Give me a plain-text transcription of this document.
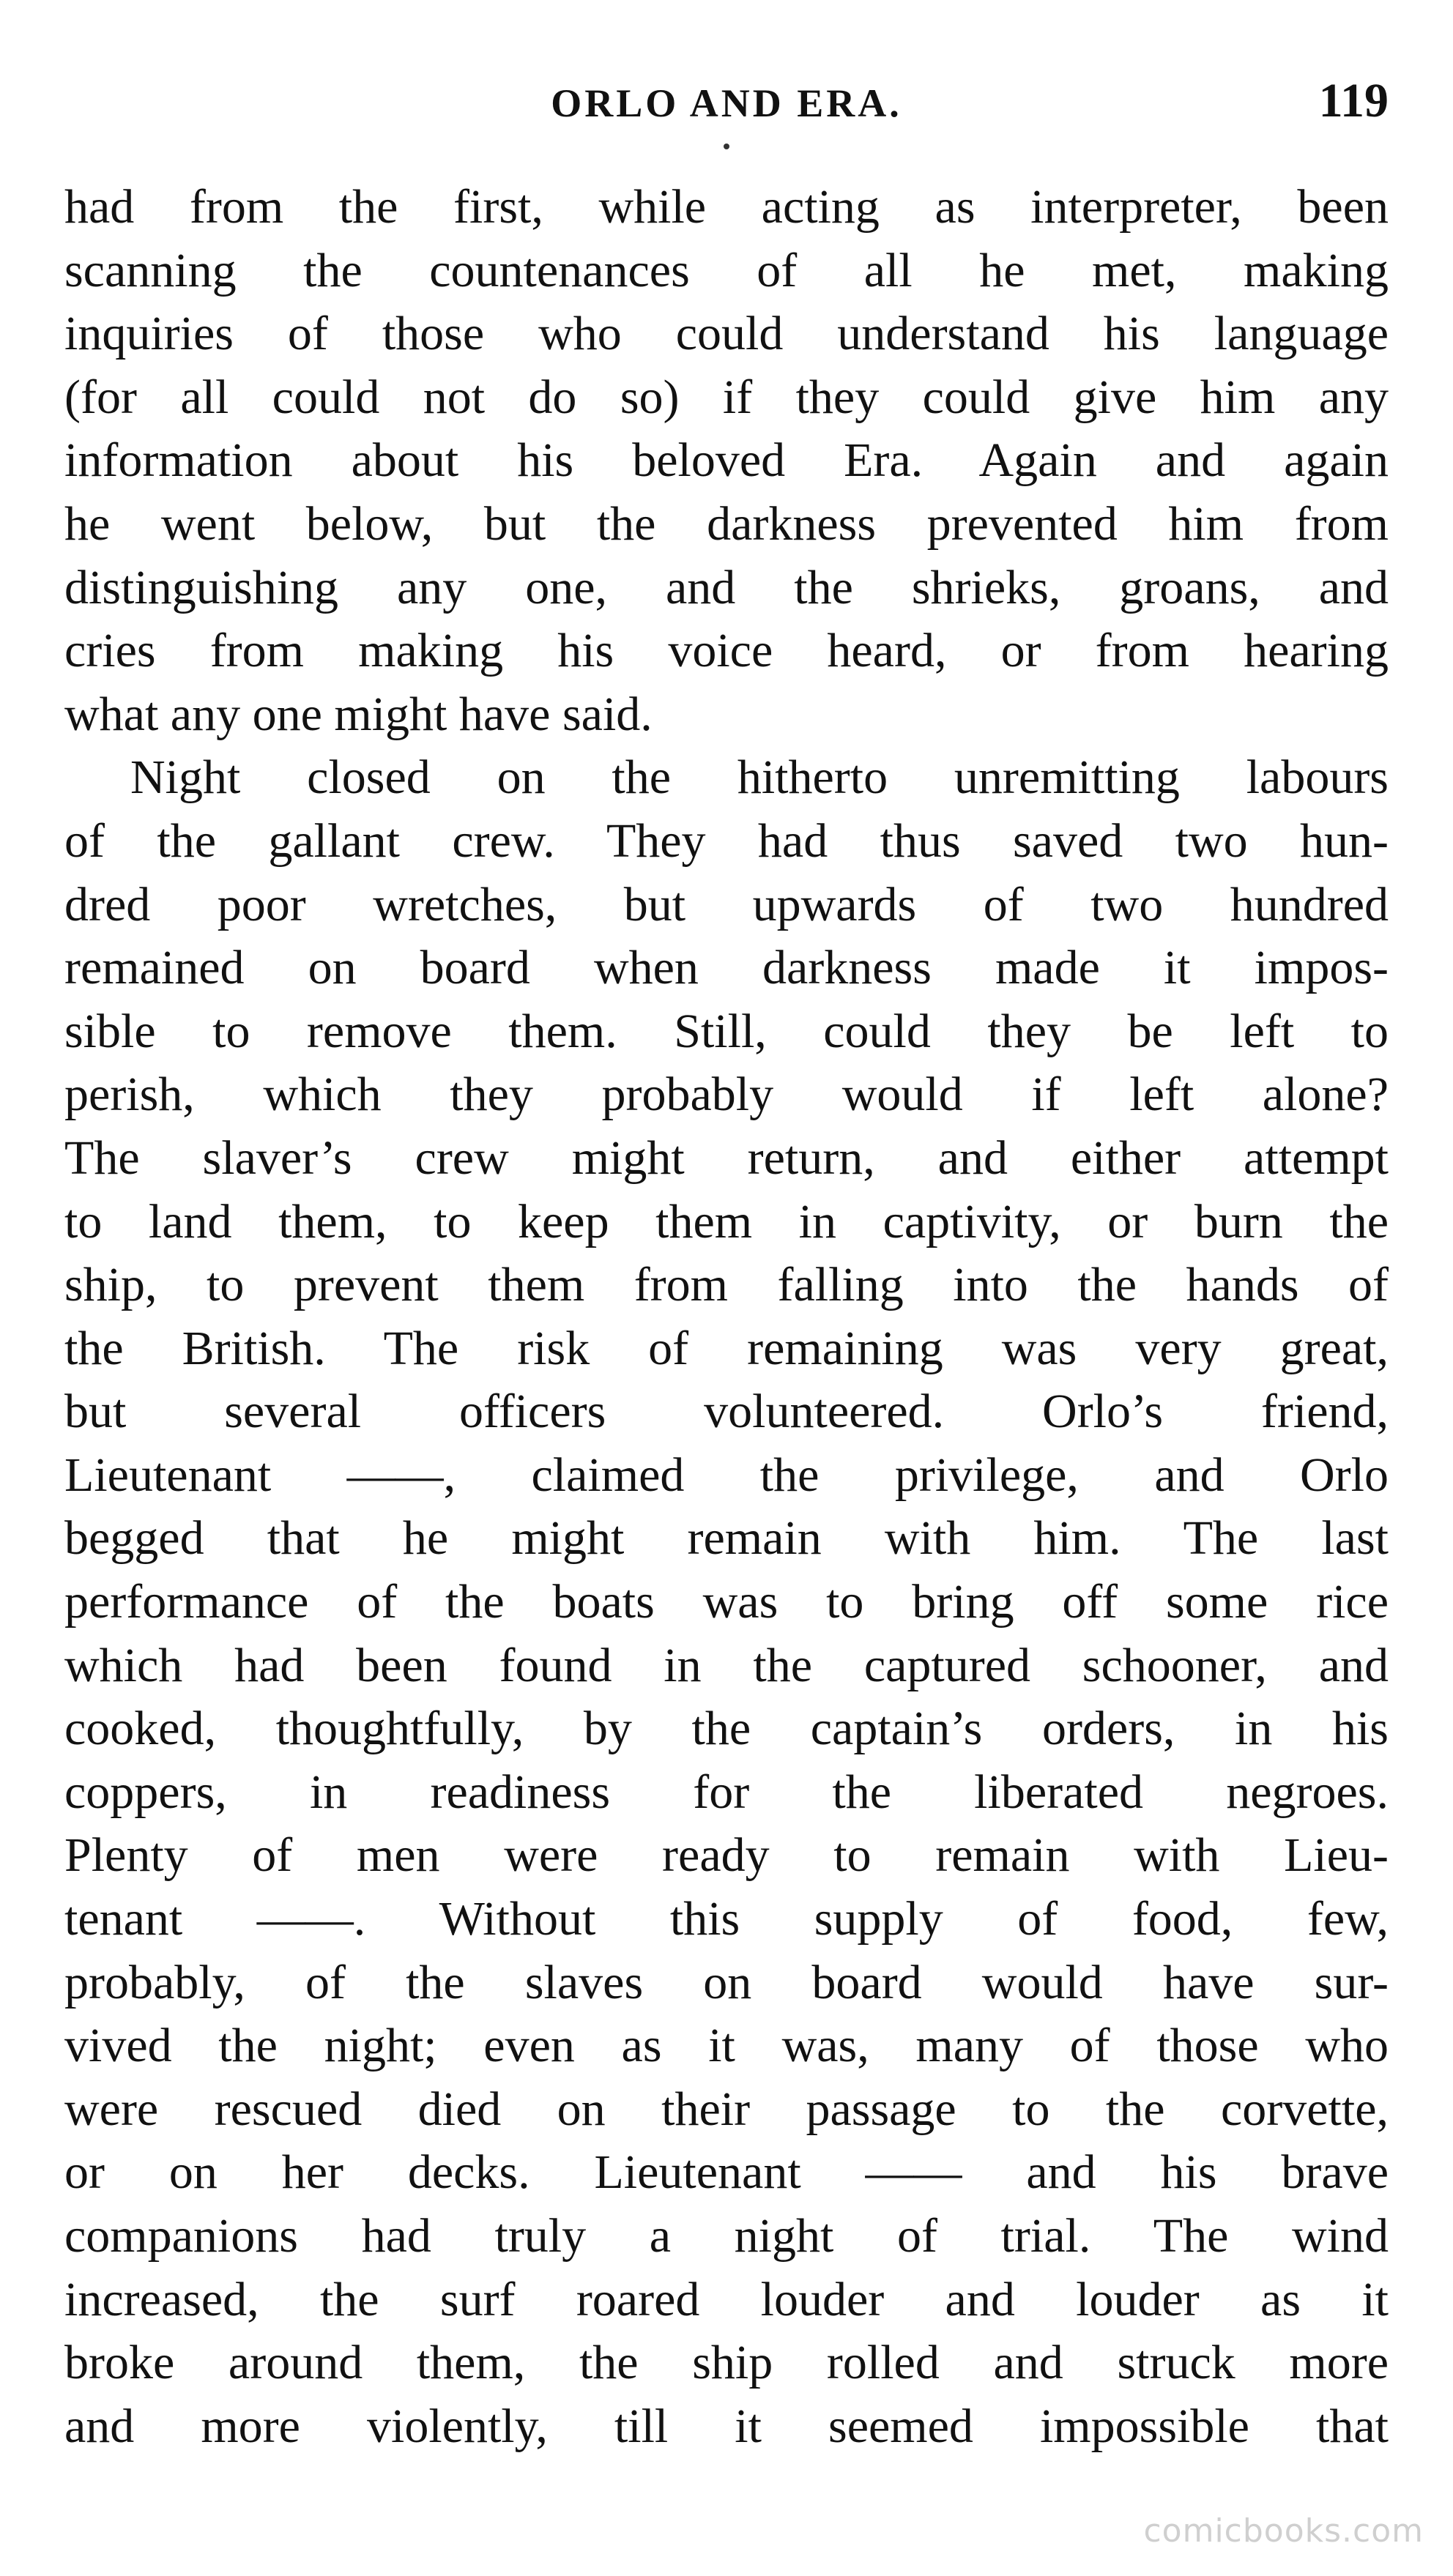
ORLO AND ERA.	119
had from the first, while acting as interpreter, been
scanning the countenances of all he met, making
inquiries of those who could understand his language
(for all could not do so) if they could give him any
information about his beloved Era. Again and again
he went below, but the darkness prevented him from
distinguishing any one, and the shrieks, groans, and
cries from making his voice heard, or from hearing
what any one might have said.
Night closed on the hitherto unremitting labours
of the gallant crew. They had thus saved two hun-
dred poor wretches, but upwards of two hundred
remained on board when darkness made it impos-
sible to remove them. Still, could they be left to
perish, which they probably would if left alone?
The slaver’s crew might return, and either attempt
to land them, to keep them in captivity, or burn the
ship, to prevent them from falling into the hands of
the British. The risk of remaining was very great,
but several officers volunteered. Orlo’s friend,
Lieutenant ——, claimed the privilege, and Orlo
begged that he might remain with him. The last
performance of the boats was to bring off some rice
which had been found in the captured schooner, and
cooked, thoughtfully, by the captain’s orders, in his
coppers, in readiness for the liberated negroes.
Plenty of men were ready to remain with Lieu-
tenant ——. Without this supply of food, few,
probably, of the slaves on board would have sur-
vived the night; even as it was, many of those who
were rescued died on their passage to the corvette,
or on her decks. Lieutenant —— and his brave
companions had truly a night of trial. The wind
increased, the surf roared louder and louder as it
broke around them, the ship rolled and struck more
and more violently, till it seemed impossible that
comicbooks.com
